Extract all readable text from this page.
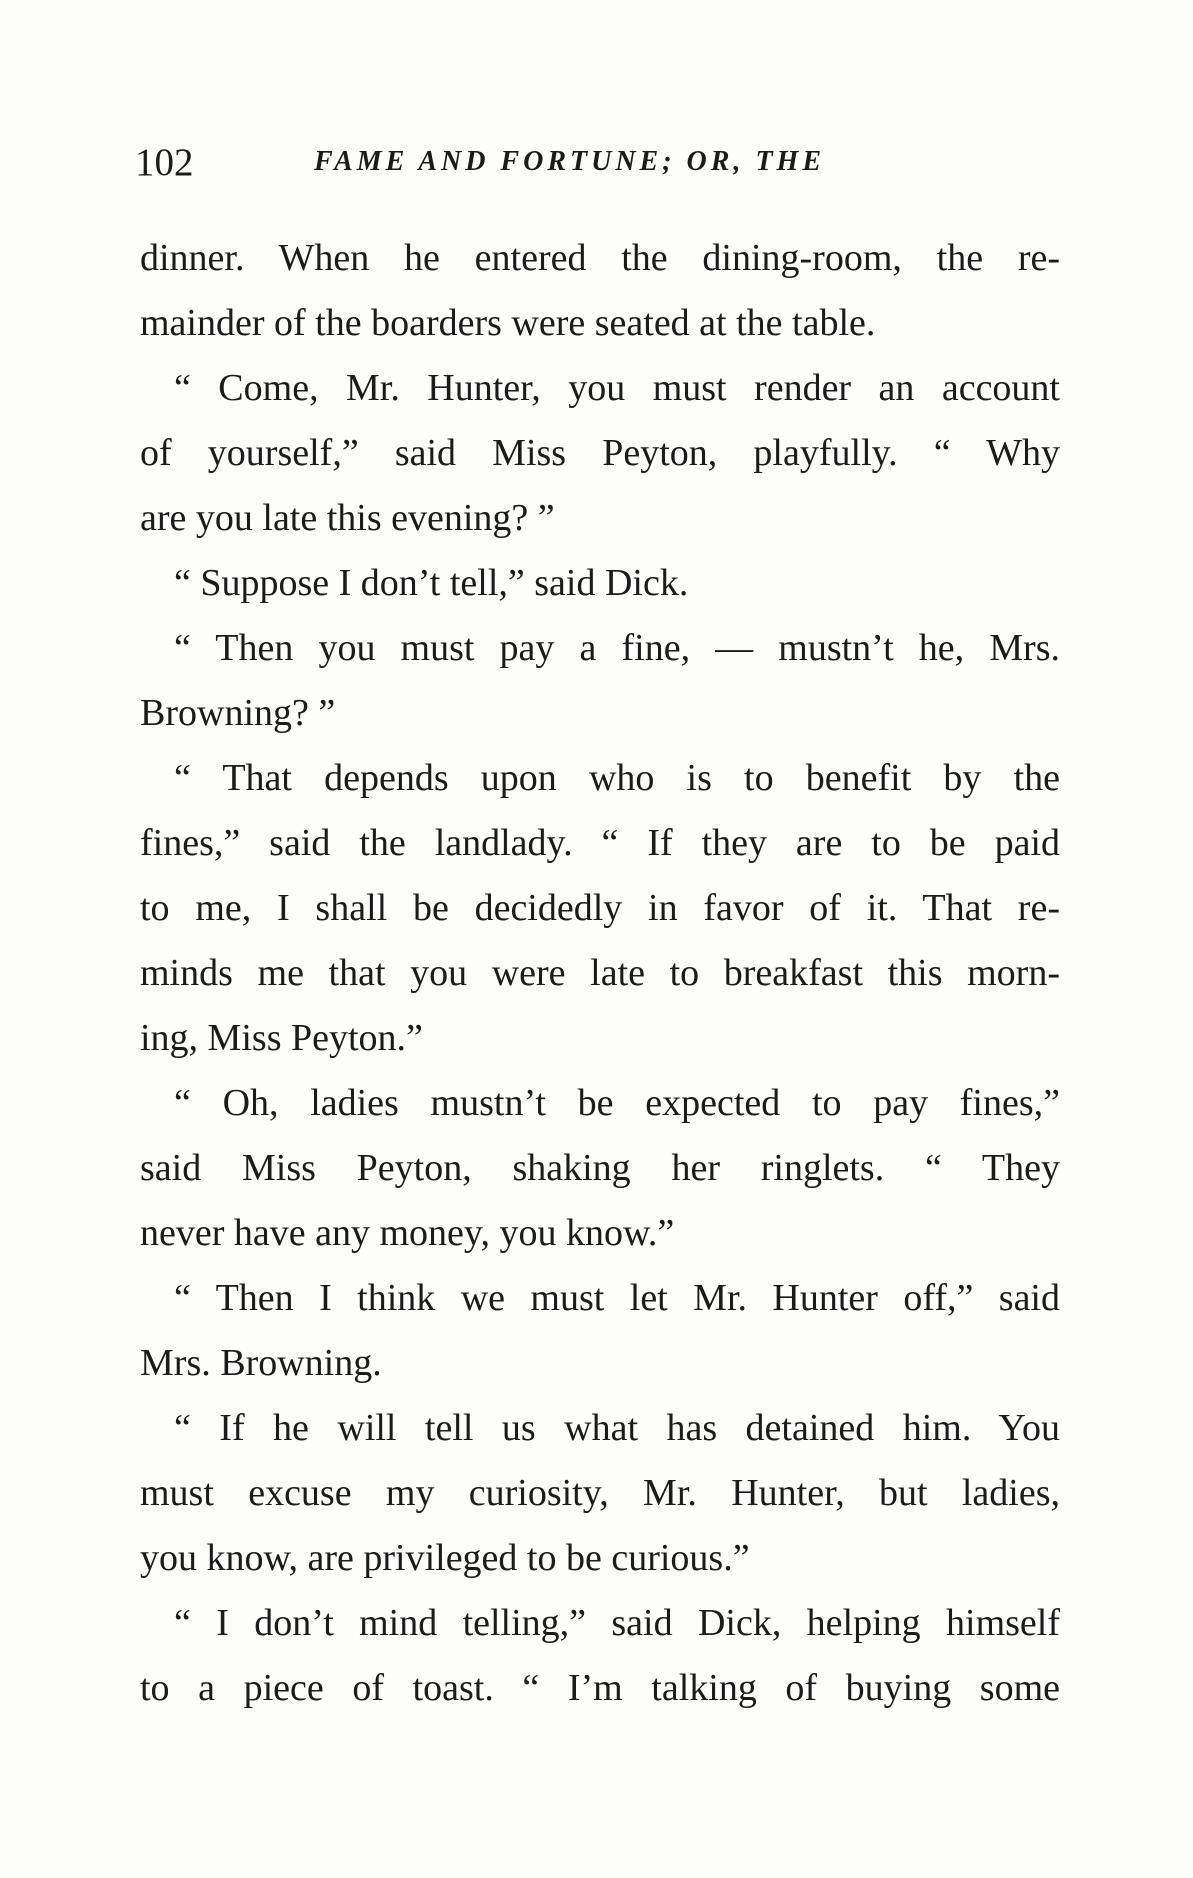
102	FAME AND FORTUNE; OR, THE
dinner. When he entered the dining-room, the re-
mainder of the boarders were seated at the table.
“ Come, Mr. Hunter, you must render an account
of yourself,” said Miss Peyton, playfully. “ Why
are you late this evening? ”
“ Suppose I don’t tell,” said Dick.
“ Then you must pay a fine, — mustn’t he, Mrs.
Browning? ”
“ That depends upon who is to benefit by the
fines,” said the landlady. “ If they are to be paid
to me, I shall be decidedly in favor of it. That re-
minds me that you were late to breakfast this morn-
ing, Miss Peyton.”
“ Oh, ladies mustn’t be expected to pay fines,”
said Miss Peyton, shaking her ringlets. “ They
never have any money, you know.”
“ Then I think we must let Mr. Hunter off,” said
Mrs. Browning.
“ If he will tell us what has detained him. You
must excuse my curiosity, Mr. Hunter, but ladies,
you know, are privileged to be curious.”
“ I don’t mind telling,” said Dick, helping himself
to a piece of toast. “ I’m talking of buying some
